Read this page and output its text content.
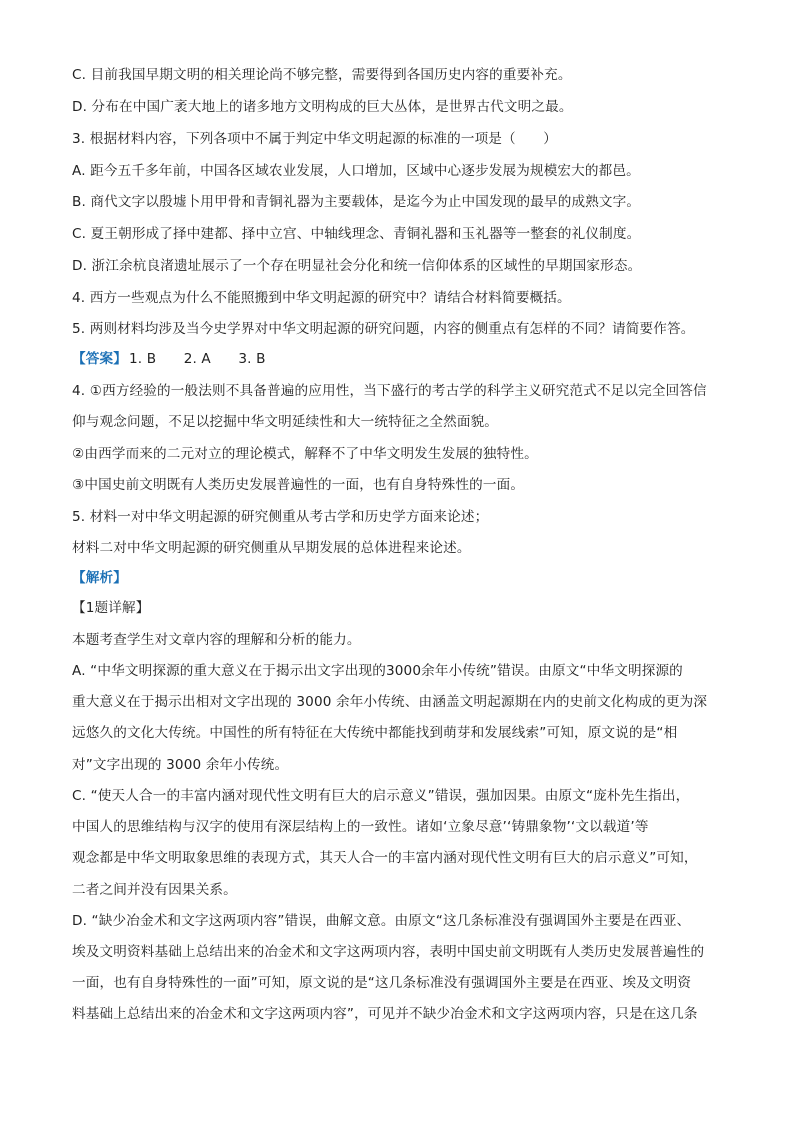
C. 目前我国早期文明的相关理论尚不够完整，需要得到各国历史内容的重要补充。
D. 分布在中国广袤大地上的诸多地方文明构成的巨大丛体，是世界古代文明之最。
3. 根据材料内容，下列各项中不属于判定中华文明起源的标准的一项是（　　）
A. 距今五千多年前，中国各区域农业发展，人口增加，区域中心逐步发展为规模宏大的都邑。
B. 商代文字以殷墟卜用甲骨和青铜礼器为主要载体，是迄今为止中国发现的最早的成熟文字。
C. 夏王朝形成了择中建都、择中立宫、中轴线理念、青铜礼器和玉礼器等一整套的礼仪制度。
D. 浙江余杭良渚遗址展示了一个存在明显社会分化和统一信仰体系的区域性的早期国家形态。
4. 西方一些观点为什么不能照搬到中华文明起源的研究中？请结合材料简要概括。
5. 两则材料均涉及当今史学界对中华文明起源的研究问题，内容的侧重点有怎样的不同？请简要作答。
【答案】 1. B　　2. A　　3. B
4. ①西方经验的一般法则不具备普遍的应用性，当下盛行的考古学的科学主义研究范式不足以完全回答信
仰与观念问题，不足以挖掘中华文明延续性和大一统特征之全然面貌。
②由西学而来的二元对立的理论模式，解释不了中华文明发生发展的独特性。
③中国史前文明既有人类历史发展普遍性的一面，也有自身特殊性的一面。
5. 材料一对中华文明起源的研究侧重从考古学和历史学方面来论述；
材料二对中华文明起源的研究侧重从早期发展的总体进程来论述。
【解析】
【1题详解】
本题考查学生对文章内容的理解和分析的能力。
A. “中华文明探源的重大意义在于揭示出文字出现的3000余年小传统”错误。由原文“中华文明探源的
重大意义在于揭示出相对文字出现的 3000 余年小传统、由涵盖文明起源期在内的史前文化构成的更为深
远悠久的文化大传统。中国性的所有特征在大传统中都能找到萌芽和发展线索”可知，原文说的是“相
对”文字出现的 3000 余年小传统。
C. “使天人合一的丰富内涵对现代性文明有巨大的启示意义”错误，强加因果。由原文“庞朴先生指出，
中国人的思维结构与汉字的使用有深层结构上的一致性。诸如‘立象尽意’‘铸鼎象物’‘文以载道’等
观念都是中华文明取象思维的表现方式，其天人合一的丰富内涵对现代性文明有巨大的启示意义”可知，
二者之间并没有因果关系。
D. “缺少冶金术和文字这两项内容”错误，曲解文意。由原文“这几条标准没有强调国外主要是在西亚、
埃及文明资料基础上总结出来的冶金术和文字这两项内容，表明中国史前文明既有人类历史发展普遍性的
一面，也有自身特殊性的一面”可知，原文说的是“这几条标准没有强调国外主要是在西亚、埃及文明资
料基础上总结出来的冶金术和文字这两项内容”，可见并不缺少冶金术和文字这两项内容，只是在这几条
